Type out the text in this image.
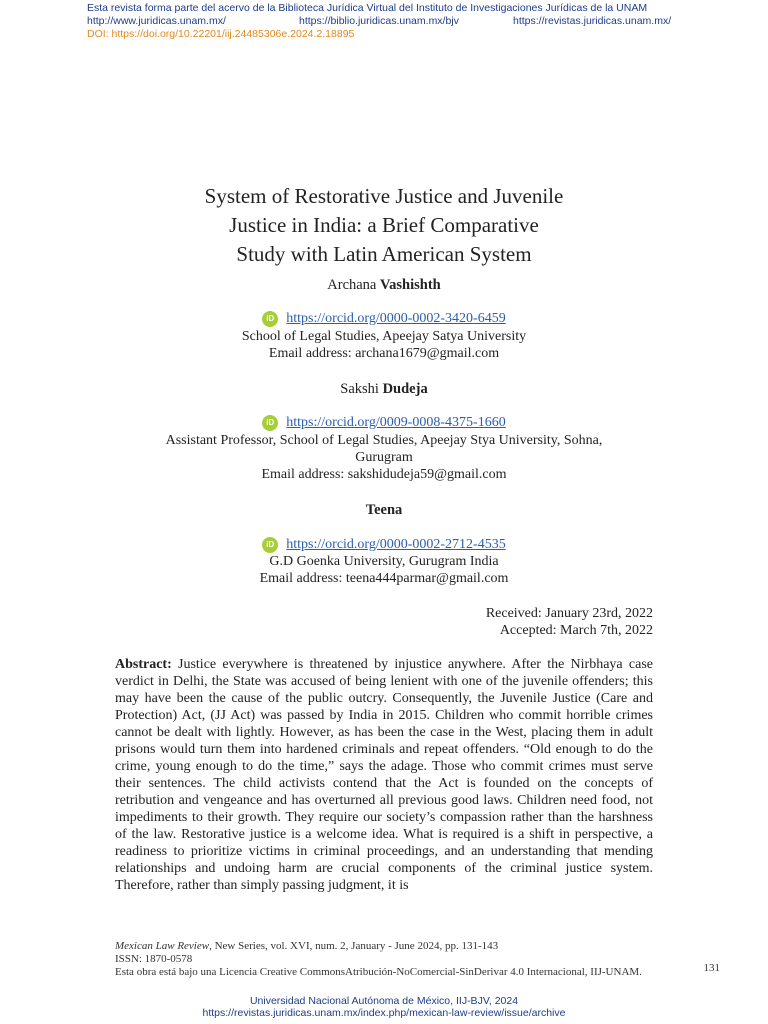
Esta revista forma parte del acervo de la Biblioteca Jurídica Virtual del Instituto de Investigaciones Jurídicas de la UNAM
http://www.juridicas.unam.mx/	https://biblio.juridicas.unam.mx/bjv	https://revistas.juridicas.unam.mx/
DOI: https://doi.org/10.22201/iij.24485306e.2024.2.18895
System of Restorative Justice and Juvenile
Justice in India: a Brief Comparative
Study with Latin American System
Archana Vashishth
iD https://orcid.org/0000-0002-3420-6459
School of Legal Studies, Apeejay Satya University
Email address: archana1679@gmail.com
Sakshi Dudeja
iD https://orcid.org/0009-0008-4375-1660
Assistant Professor, School of Legal Studies, Apeejay Stya University, Sohna,
Gurugram
Email address: sakshidudeja59@gmail.com
Teena
iD https://orcid.org/0000-0002-2712-4535
G.D Goenka University, Gurugram India
Email address: teena444parmar@gmail.com
Received: January 23rd, 2022
Accepted: March 7th, 2022
Abstract: Justice everywhere is threatened by injustice anywhere. After the Nirbhaya case verdict in Delhi, the State was accused of being lenient with one of the juvenile offenders; this may have been the cause of the public outcry. Consequently, the Juvenile Justice (Care and Protection) Act, (JJ Act) was passed by India in 2015. Children who commit horrible crimes cannot be dealt with lightly. However, as has been the case in the West, placing them in adult prisons would turn them into hardened criminals and repeat offenders. “Old enough to do the crime, young enough to do the time,” says the adage. Those who commit crimes must serve their sentences. The child activists contend that the Act is founded on the concepts of retribution and vengeance and has overturned all previous good laws. Children need food, not impediments to their growth. They require our society’s compassion rather than the harshness of the law. Restorative justice is a welcome idea. What is required is a shift in perspective, a readiness to prioritize victims in criminal proceedings, and an understanding that mending relationships and undoing harm are crucial components of the criminal justice system. Therefore, rather than simply passing judgment, it is
Mexican Law Review, New Series, vol. XVI, num. 2, January - June 2024, pp. 131-143
ISSN: 1870-0578
Esta obra está bajo una Licencia Creative CommonsAtribución-NoComercial-SinDerivar 4.0 Internacional, IIJ-UNAM.	131
Universidad Nacional Autónoma de México, IIJ-BJV, 2024
https://revistas.juridicas.unam.mx/index.php/mexican-law-review/issue/archive
